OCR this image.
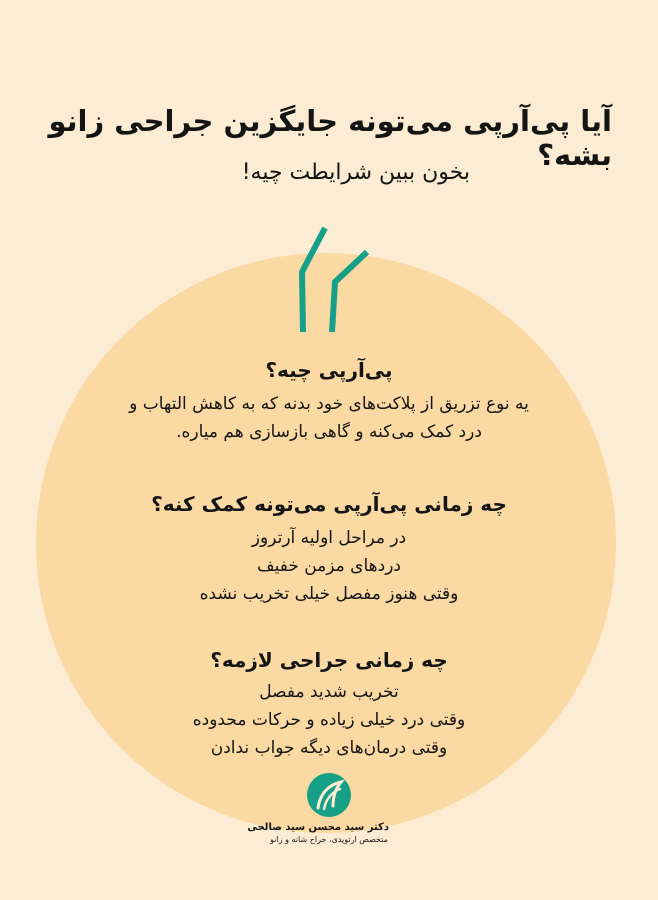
آیا پی‌آرپی می‌تونه جایگزین جراحی زانو بشه؟

بخون ببین شرایطت چیه!

پی‌آرپی چیه؟

یه نوع تزریق از پلاکت‌های خود بدنه که به کاهش التهاب و

درد کمک می‌کنه و گاهی بازسازی هم میاره.

چه زمانی پی‌آرپی می‌تونه کمک کنه؟

در مراحل اولیه آرتروز

دردهای مزمن خفیف

وقتی هنوز مفصل خیلی تخریب نشده

چه زمانی جراحی لازمه؟

تخریب شدید مفصل

وقتی درد خیلی زیاده و حرکات محدوده

وقتی درمان‌های دیگه جواب ندادن

دکتر سید محسن سید صالحی

متخصص ارتوپدی، جراح شانه و زانو
